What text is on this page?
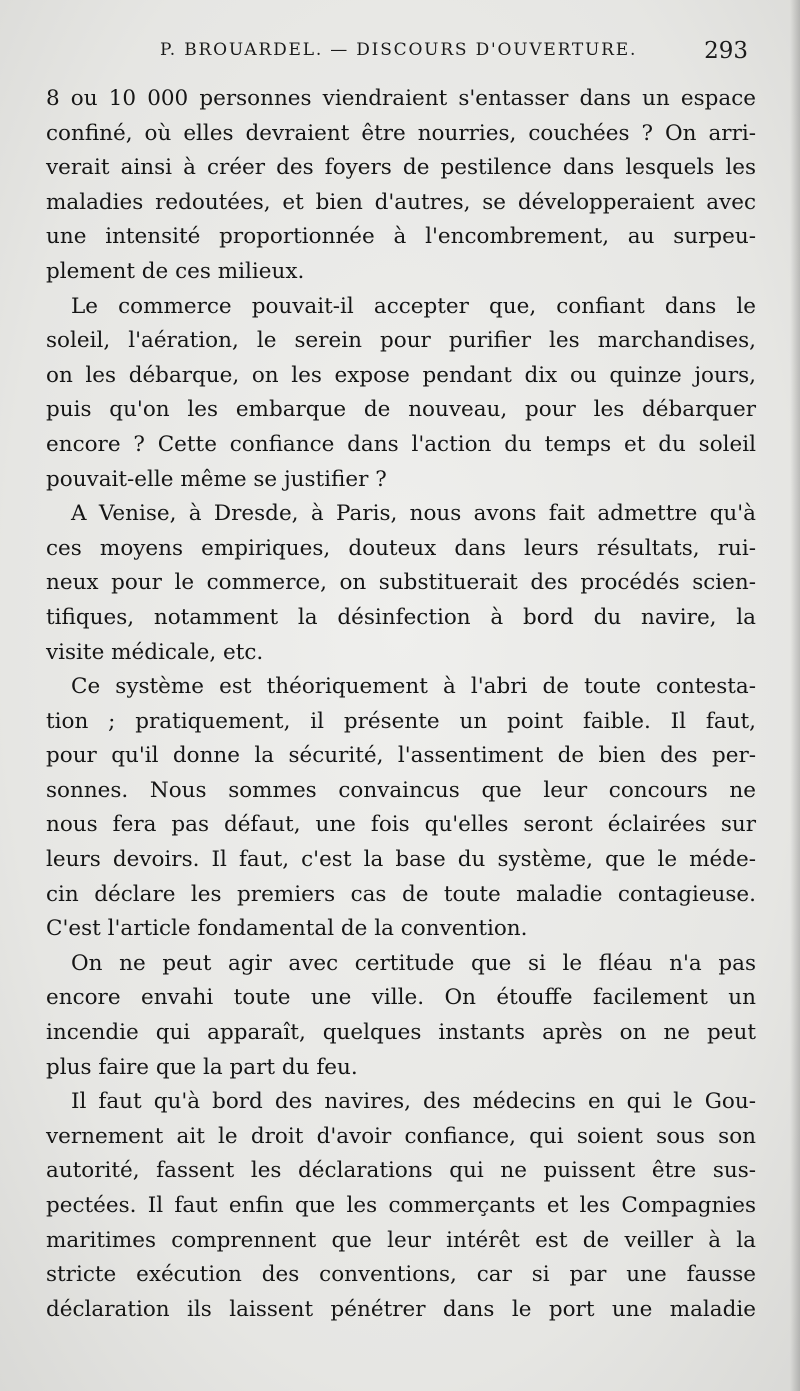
P. BROUARDEL. — DISCOURS D'OUVERTURE.	293
8 ou 10 000 personnes viendraient s'entasser dans un espace
confiné, où elles devraient être nourries, couchées ? On arri-
verait ainsi à créer des foyers de pestilence dans lesquels les
maladies redoutées, et bien d'autres, se développeraient avec
une intensité proportionnée à l'encombrement, au surpeu-
plement de ces milieux.
Le commerce pouvait-il accepter que, confiant dans le
soleil, l'aération, le serein pour purifier les marchandises,
on les débarque, on les expose pendant dix ou quinze jours,
puis qu'on les embarque de nouveau, pour les débarquer
encore ? Cette confiance dans l'action du temps et du soleil
pouvait-elle même se justifier ?
A Venise, à Dresde, à Paris, nous avons fait admettre qu'à
ces moyens empiriques, douteux dans leurs résultats, rui-
neux pour le commerce, on substituerait des procédés scien-
tifiques, notamment la désinfection à bord du navire, la
visite médicale, etc.
Ce système est théoriquement à l'abri de toute contesta-
tion ; pratiquement, il présente un point faible. Il faut,
pour qu'il donne la sécurité, l'assentiment de bien des per-
sonnes. Nous sommes convaincus que leur concours ne
nous fera pas défaut, une fois qu'elles seront éclairées sur
leurs devoirs. Il faut, c'est la base du système, que le méde-
cin déclare les premiers cas de toute maladie contagieuse.
C'est l'article fondamental de la convention.
On ne peut agir avec certitude que si le fléau n'a pas
encore envahi toute une ville. On étouffe facilement un
incendie qui apparaît, quelques instants après on ne peut
plus faire que la part du feu.
Il faut qu'à bord des navires, des médecins en qui le Gou-
vernement ait le droit d'avoir confiance, qui soient sous son
autorité, fassent les déclarations qui ne puissent être sus-
pectées. Il faut enfin que les commerçants et les Compagnies
maritimes comprennent que leur intérêt est de veiller à la
stricte exécution des conventions, car si par une fausse
déclaration ils laissent pénétrer dans le port une maladie
